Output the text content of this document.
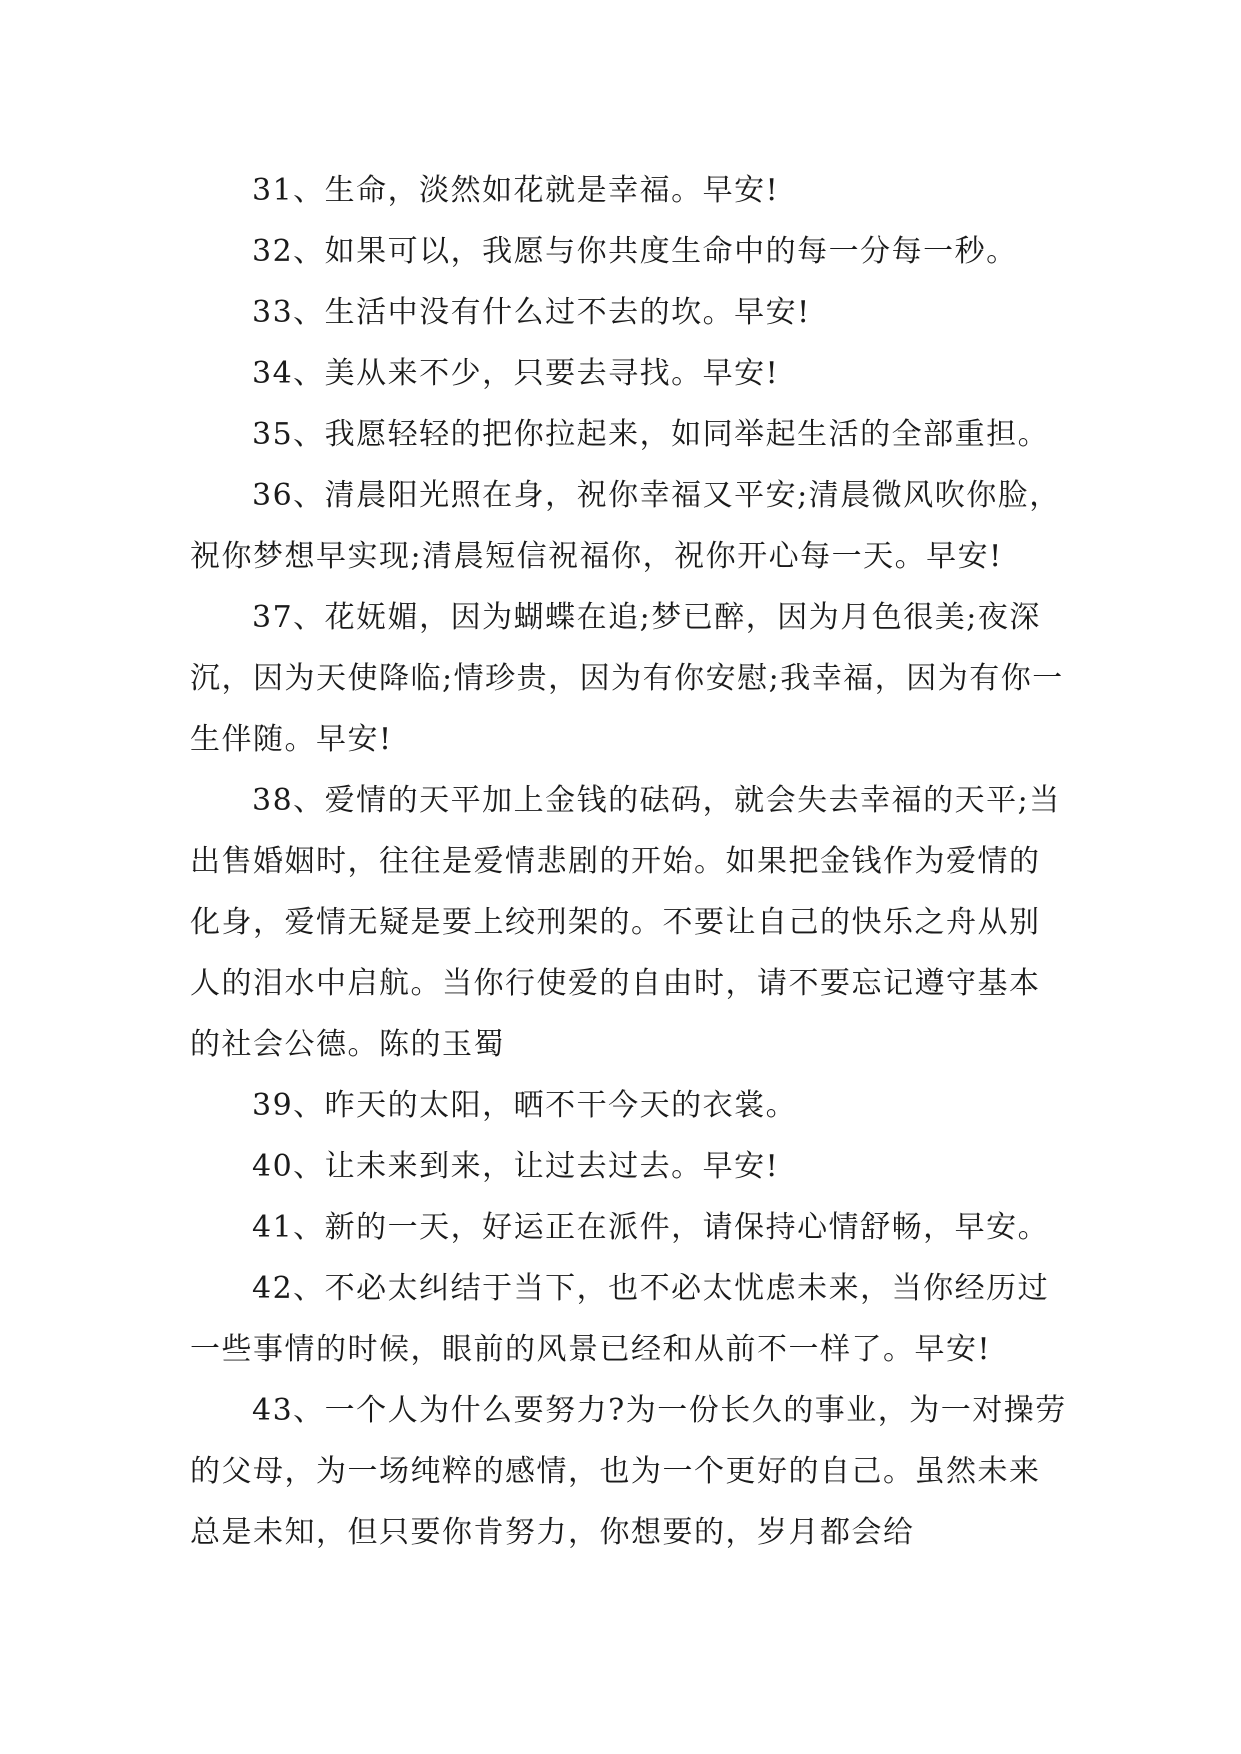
31、生命，淡然如花就是幸福。早安!

32、如果可以，我愿与你共度生命中的每一分每一秒。

33、生活中没有什么过不去的坎。早安!

34、美从来不少，只要去寻找。早安!

35、我愿轻轻的把你拉起来，如同举起生活的全部重担。

36、清晨阳光照在身，祝你幸福又平安;清晨微风吹你脸，祝你梦想早实现;清晨短信祝福你，祝你开心每一天。早安!

37、花妩媚，因为蝴蝶在追;梦已醉，因为月色很美;夜深沉，因为天使降临;情珍贵，因为有你安慰;我幸福，因为有你一生伴随。早安!

38、爱情的天平加上金钱的砝码，就会失去幸福的天平;当出售婚姻时，往往是爱情悲剧的开始。如果把金钱作为爱情的化身，爱情无疑是要上绞刑架的。不要让自己的快乐之舟从别人的泪水中启航。当你行使爱的自由时，请不要忘记遵守基本的社会公德。陈的玉蜀

39、昨天的太阳，晒不干今天的衣裳。

40、让未来到来，让过去过去。早安!

41、新的一天，好运正在派件，请保持心情舒畅，早安。

42、不必太纠结于当下，也不必太忧虑未来，当你经历过一些事情的时候，眼前的风景已经和从前不一样了。早安!

43、一个人为什么要努力?为一份长久的事业，为一对操劳的父母，为一场纯粹的感情，也为一个更好的自己。虽然未来总是未知，但只要你肯努力，你想要的，岁月都会给
